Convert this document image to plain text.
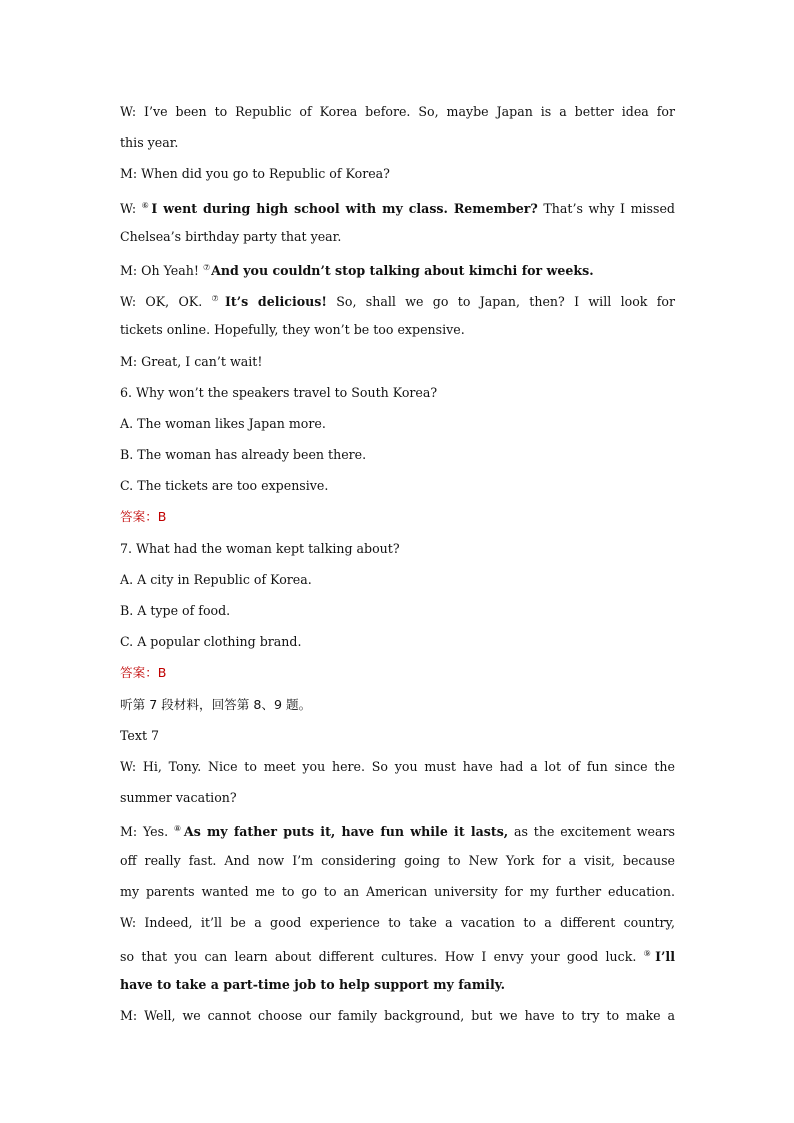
W: I’ve been to Republic of Korea before. So, maybe Japan is a better idea for
this year.
M: When did you go to Republic of Korea?
W: ⑥I went during high school with my class. Remember? That’s why I missed
Chelsea’s birthday party that year.
M: Oh Yeah! ⑦And you couldn’t stop talking about kimchi for weeks.
W: OK, OK. ⑦It’s delicious! So, shall we go to Japan, then? I will look for
tickets online. Hopefully, they won’t be too expensive.
M: Great, I can’t wait!
6. Why won’t the speakers travel to South Korea?
A. The woman likes Japan more.
B. The woman has already been there.
C. The tickets are too expensive.
答案：B
7. What had the woman kept talking about?
A. A city in Republic of Korea.
B. A type of food.
C. A popular clothing brand.
答案：B
听第 7 段材料，回答第 8、9 题。
Text 7
W: Hi, Tony. Nice to meet you here. So you must have had a lot of fun since the
summer vacation?
M: Yes. ⑧As my father puts it, have fun while it lasts, as the excitement wears
off really fast. And now I’m considering going to New York for a visit, because
my parents wanted me to go to an American university for my further education.
W: Indeed, it’ll be a good experience to take a vacation to a different country,
so that you can learn about different cultures. How I envy your good luck. ⑨I’ll
have to take a part-time job to help support my family.
M: Well, we cannot choose our family background, but we have to try to make a
